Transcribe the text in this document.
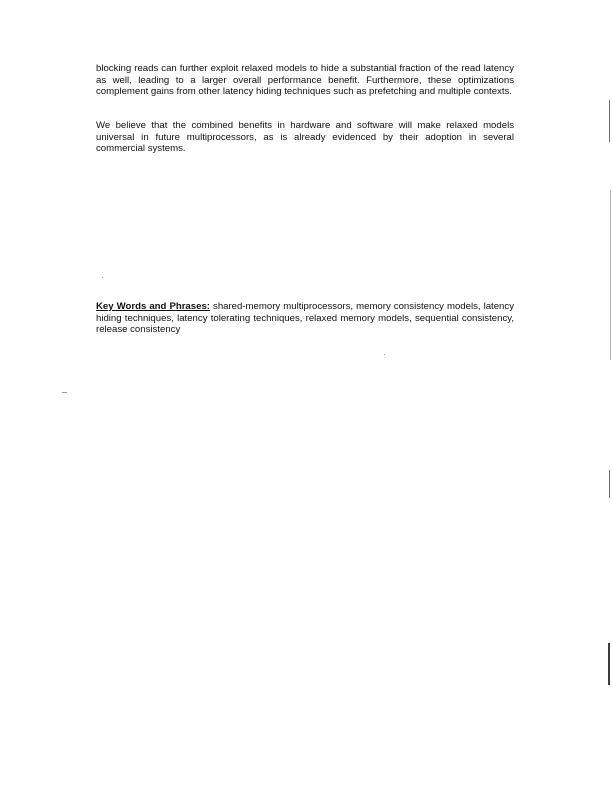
blocking reads can further exploit relaxed models to hide a substantial fraction of the read latency as well, leading to a larger overall performance benefit. Furthermore, these optimizations complement gains from other latency hiding techniques such as prefetching and multiple contexts.

We believe that the combined benefits in hardware and software will make relaxed models universal in future multiprocessors, as is already evidenced by their adoption in several commercial systems.

Key Words and Phrases: shared-memory multiprocessors, memory consistency models, latency hiding techniques, latency tolerating techniques, relaxed memory models, sequential consistency, release consistency
